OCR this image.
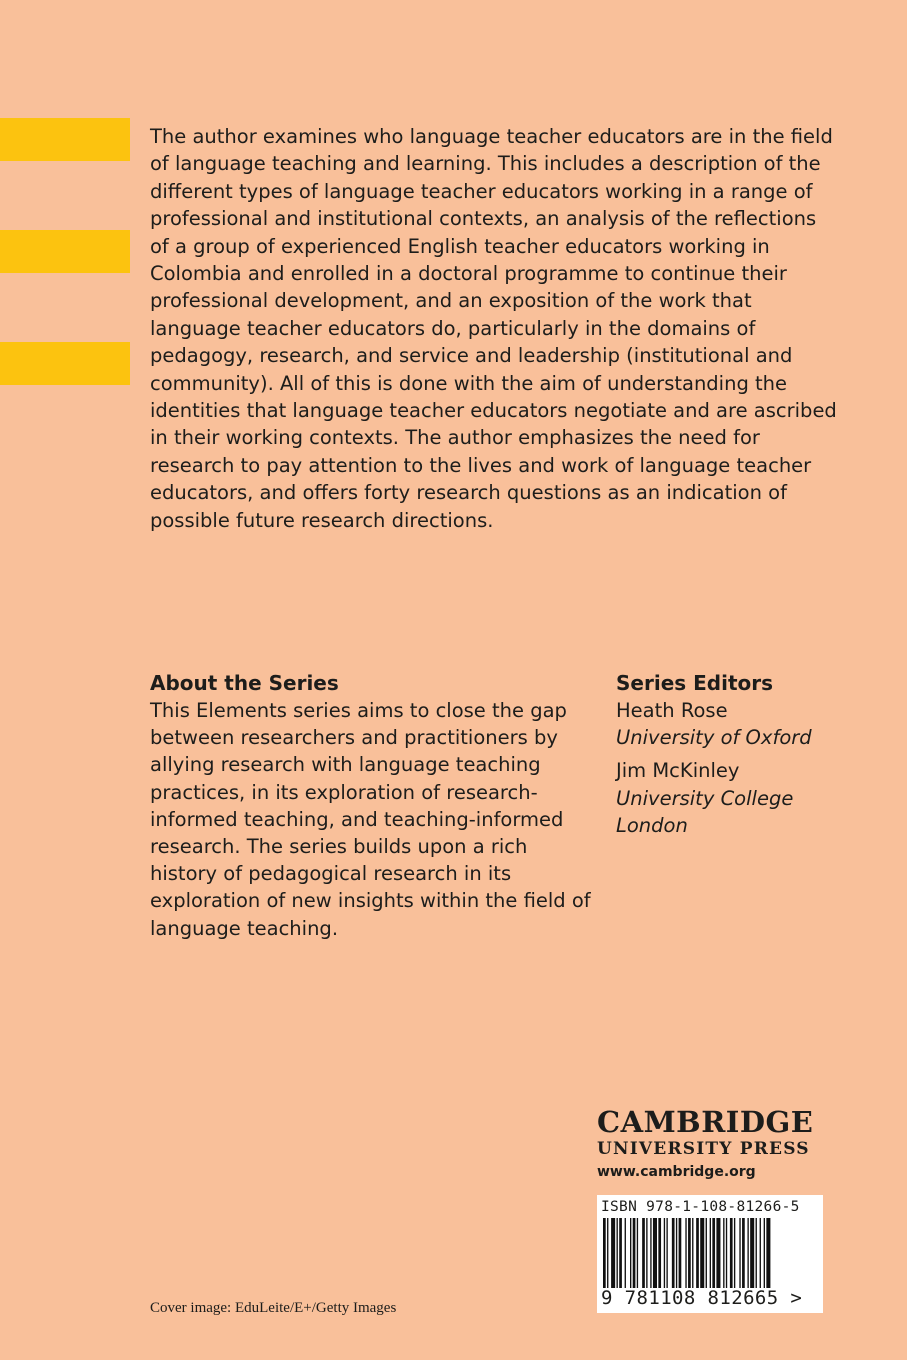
The author examines who language teacher educators are in the field of language teaching and learning. This includes a description of the different types of language teacher educators working in a range of professional and institutional contexts, an analysis of the reflections of a group of experienced English teacher educators working in Colombia and enrolled in a doctoral programme to continue their professional development, and an exposition of the work that language teacher educators do, particularly in the domains of pedagogy, research, and service and leadership (institutional and community). All of this is done with the aim of understanding the identities that language teacher educators negotiate and are ascribed in their working contexts. The author emphasizes the need for research to pay attention to the lives and work of language teacher educators, and offers forty research questions as an indication of possible future research directions.

About the Series

This Elements series aims to close the gap between researchers and practitioners by allying research with language teaching practices, in its exploration of research-informed teaching, and teaching-informed research. The series builds upon a rich history of pedagogical research in its exploration of new insights within the field of language teaching.

Series Editors

Heath Rose
University of Oxford
Jim McKinley
University College London
CAMBRIDGE
UNIVERSITY PRESS
www.cambridge.org
ISBN 978-1-108-81266-5
9 781108 812665 >
Cover image: EduLeite/E+/Getty Images
